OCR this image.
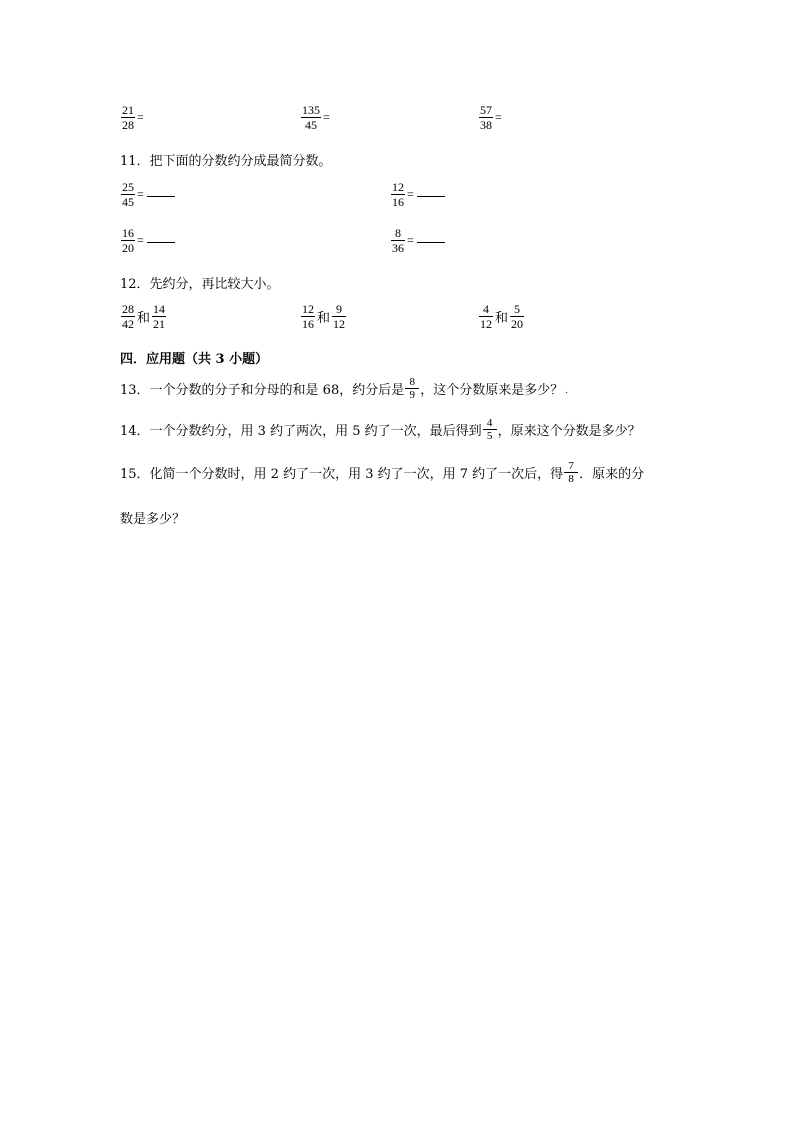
$\frac{21}{28}$ =	$\frac{135}{45}$ =	$\frac{57}{38}$ =
11．把下面的分数约分成最简分数。
$\frac{25}{45}$ =	$\frac{12}{16}$ =
$\frac{16}{20}$ =	$\frac{8}{36}$ =
12．先约分，再比较大小。
$\frac{28}{42}$ 和 $\frac{14}{21}$	$\frac{12}{16}$ 和 $\frac{9}{12}$	$\frac{4}{12}$ 和 $\frac{5}{20}$
四．应用题（共 3 小题）
13．一个分数的分子和分母的和是 68，约分后是 $\frac{8}{9}$ ，这个分数原来是多少？ .
14．一个分数约分，用 3 约了两次，用 5 约了一次，最后得到 $\frac{4}{5}$ ，原来这个分数是多少？
15．化简一个分数时，用 2 约了一次，用 3 约了一次，用 7 约了一次后，得 $\frac{7}{8}$ ．原来的分
数是多少？
